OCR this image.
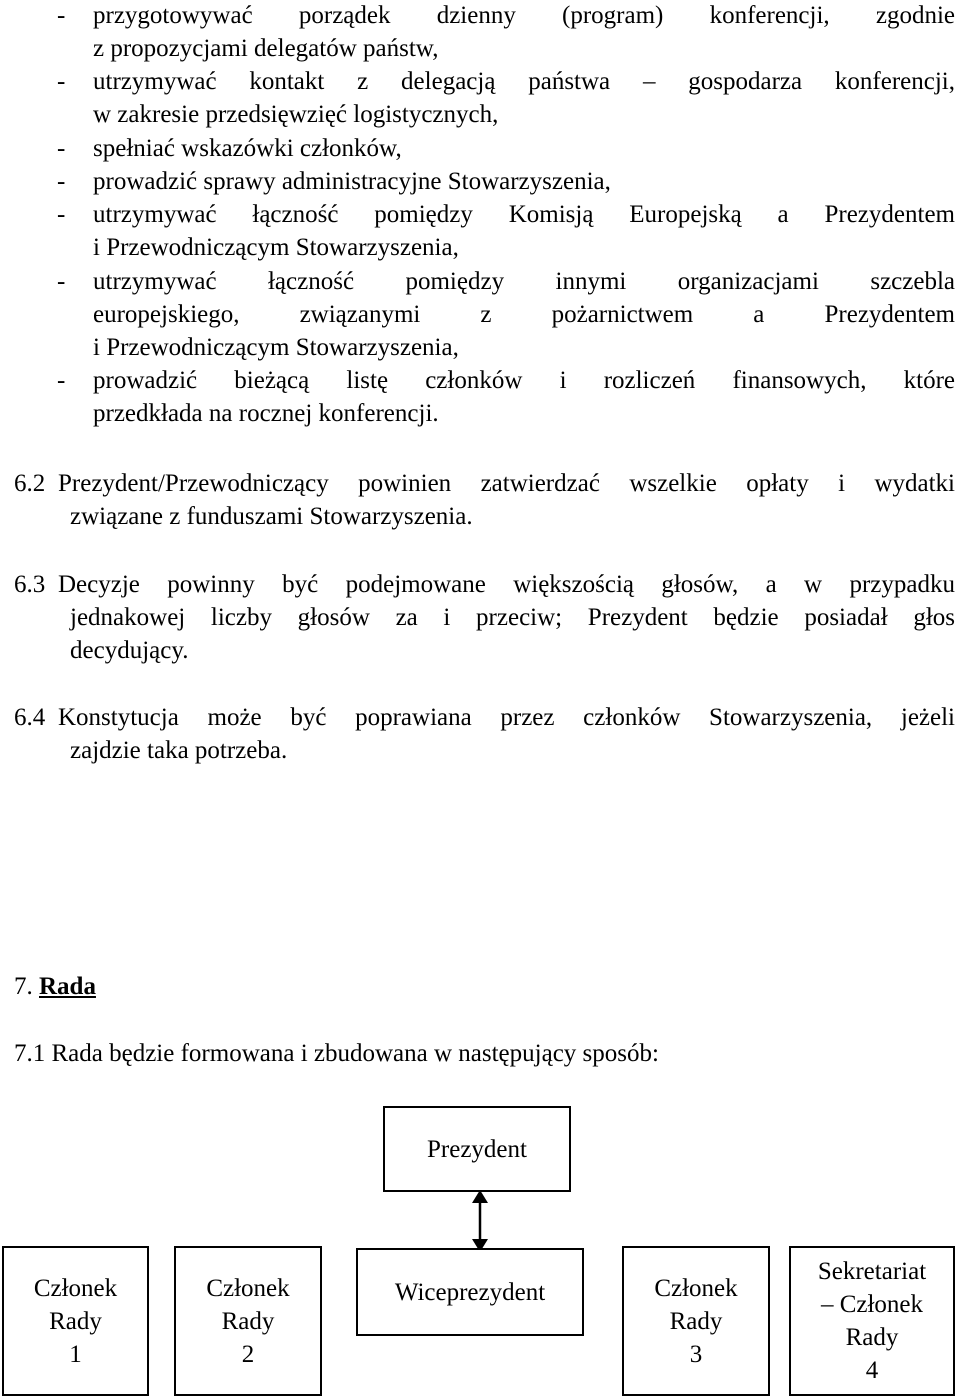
- przygotowywać porządek dzienny (program) konferencji, zgodnie
z propozycjami delegatów państw,
- utrzymywać kontakt z delegacją państwa – gospodarza konferencji,
w zakresie przedsięwzięć logistycznych,
- spełniać wskazówki członków,
- prowadzić sprawy administracyjne Stowarzyszenia,
- utrzymywać łączność pomiędzy Komisją Europejską a Prezydentem
i Przewodniczącym Stowarzyszenia,
- utrzymywać łączność pomiędzy innymi organizacjami szczebla
europejskiego, związanymi z pożarnictwem a Prezydentem
i Przewodniczącym Stowarzyszenia,
- prowadzić bieżącą listę członków i rozliczeń finansowych, które
przedkłada na rocznej konferencji.
6.2 Prezydent/Przewodniczący powinien zatwierdzać wszelkie opłaty i wydatki
związane z funduszami Stowarzyszenia.
6.3 Decyzje powinny być podejmowane większością głosów, a w przypadku
jednakowej liczby głosów za i przeciw; Prezydent będzie posiadał głos
decydujący.
6.4 Konstytucja może być poprawiana przez członków Stowarzyszenia, jeżeli
zajdzie taka potrzeba.
7. Rada
7.1 Rada będzie formowana i zbudowana w następujący sposób:
Prezydent
Członek
Rady
1
Członek
Rady
2
Wiceprezydent	Członek
Rady
3
Sekretariat
– Członek
Rady
4
